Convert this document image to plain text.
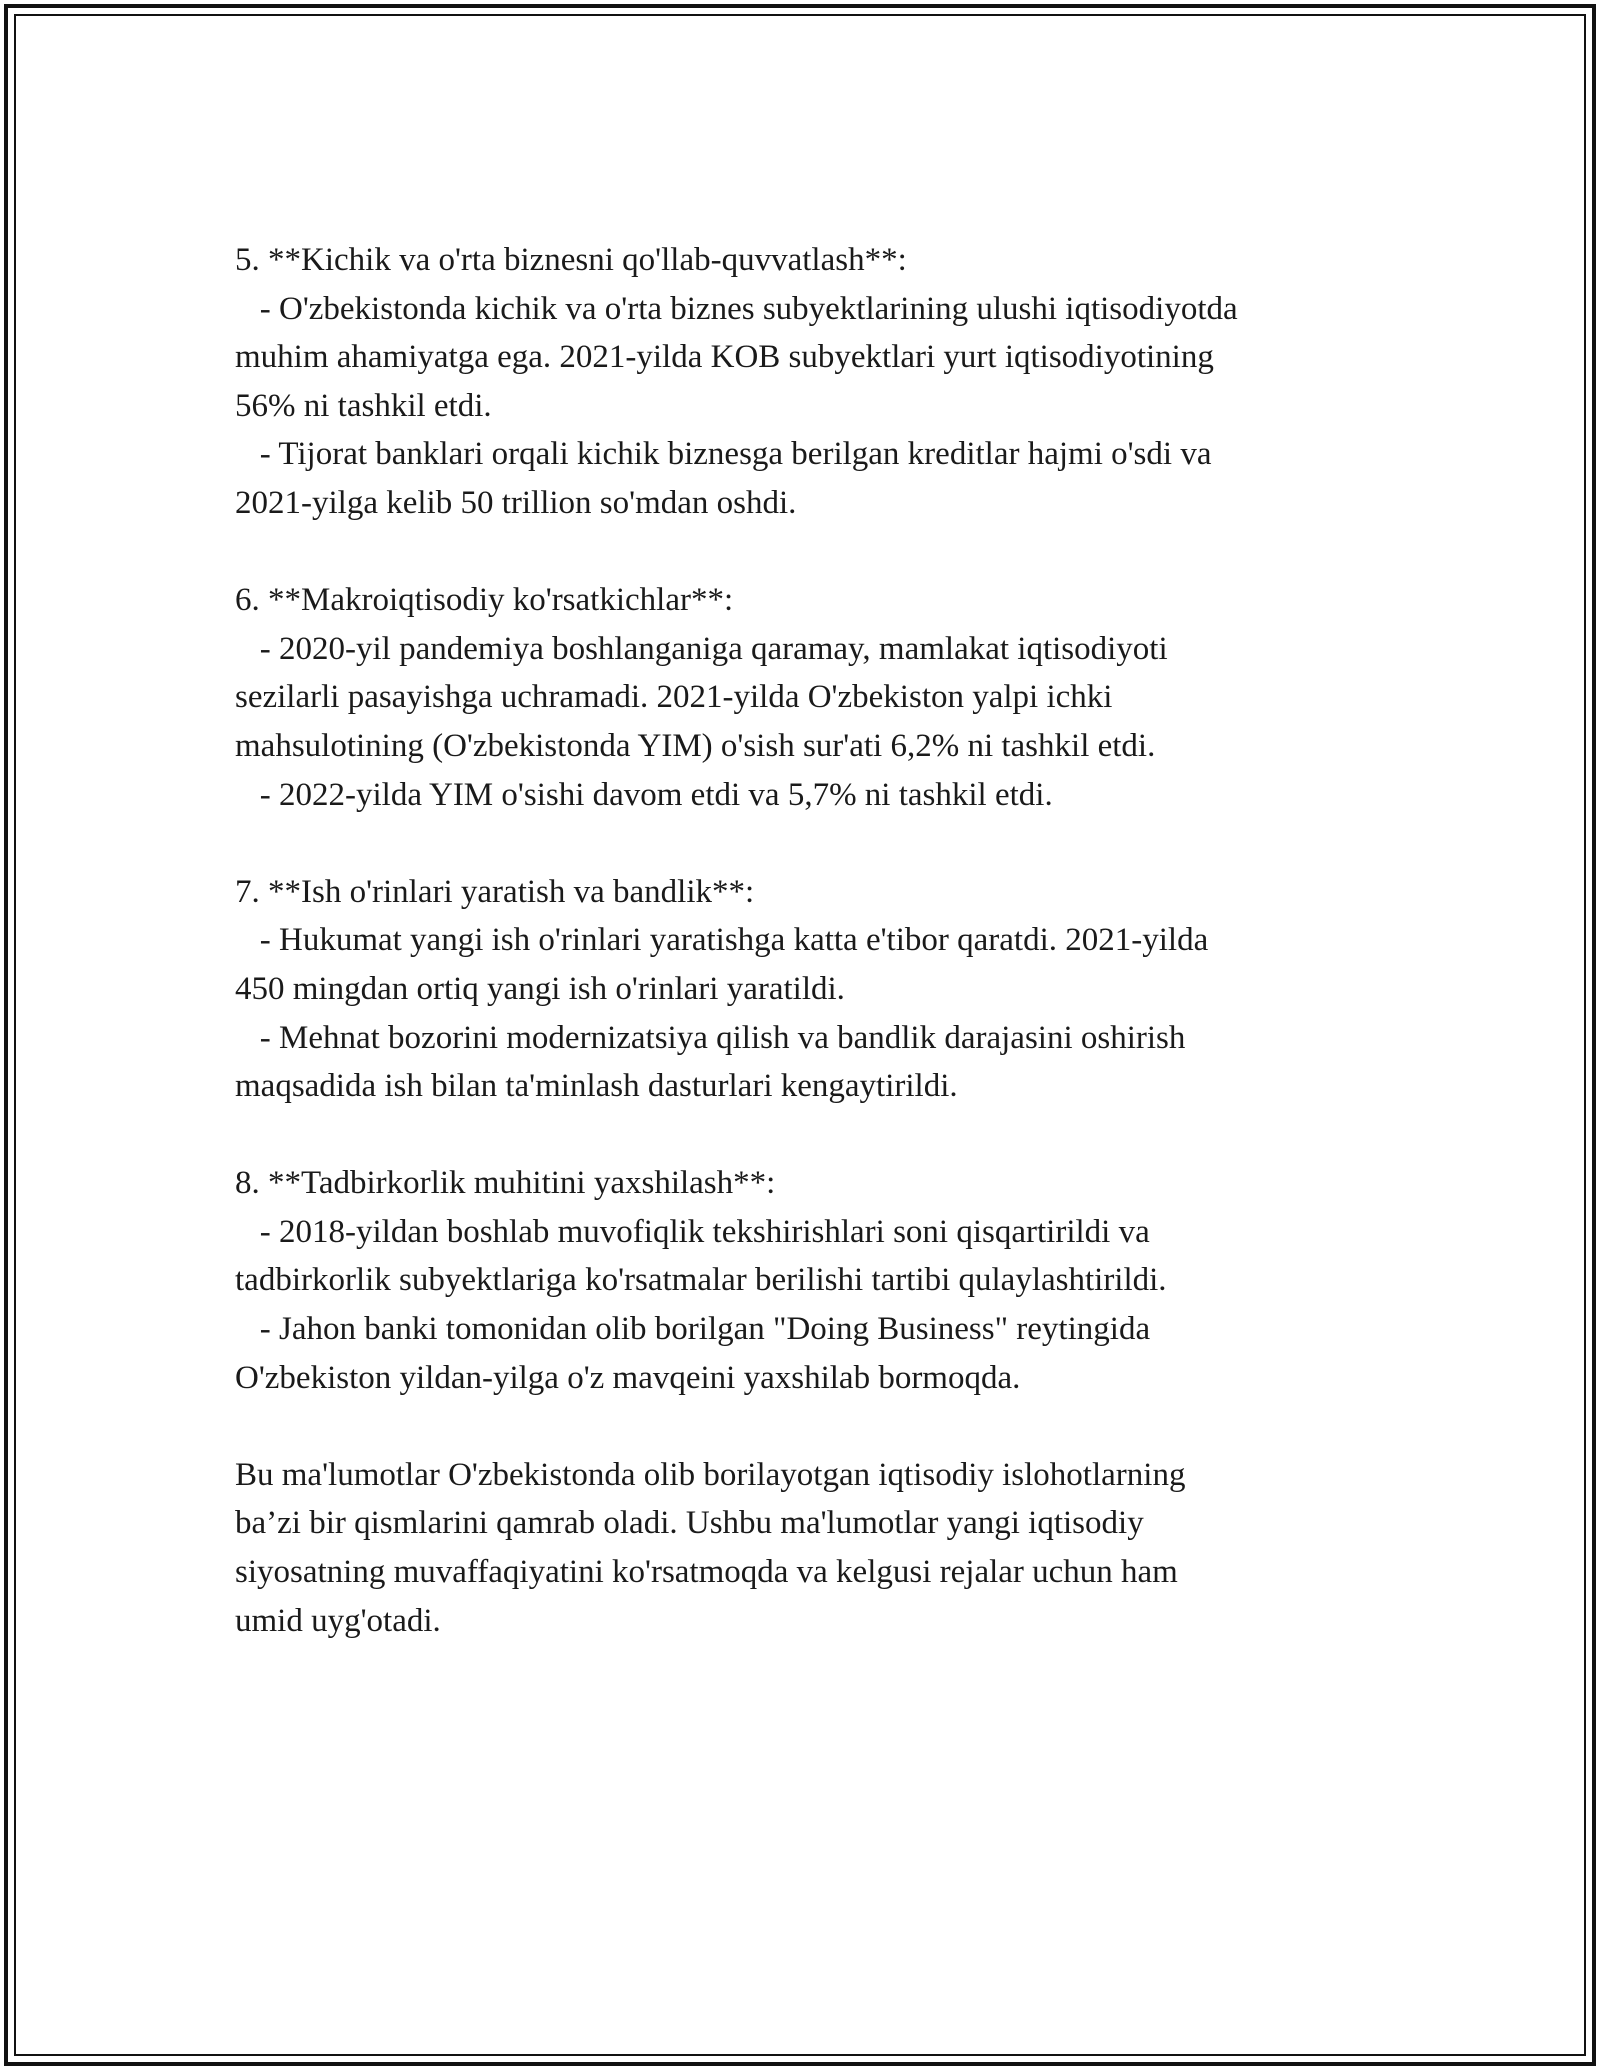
5. **Kichik va o'rta biznesni qo'llab-quvvatlash**:
- O'zbekistonda kichik va o'rta biznes subyektlarining ulushi iqtisodiyotda
muhim ahamiyatga ega. 2021-yilda KOB subyektlari yurt iqtisodiyotining
56% ni tashkil etdi.
- Tijorat banklari orqali kichik biznesga berilgan kreditlar hajmi o'sdi va
2021-yilga kelib 50 trillion so'mdan oshdi.
6. **Makroiqtisodiy ko'rsatkichlar**:
- 2020-yil pandemiya boshlanganiga qaramay, mamlakat iqtisodiyoti
sezilarli pasayishga uchramadi. 2021-yilda O'zbekiston yalpi ichki
mahsulotining (O'zbekistonda YIM) o'sish sur'ati 6,2% ni tashkil etdi.
- 2022-yilda YIM o'sishi davom etdi va 5,7% ni tashkil etdi.
7. **Ish o'rinlari yaratish va bandlik**:
- Hukumat yangi ish o'rinlari yaratishga katta e'tibor qaratdi. 2021-yilda
450 mingdan ortiq yangi ish o'rinlari yaratildi.
- Mehnat bozorini modernizatsiya qilish va bandlik darajasini oshirish
maqsadida ish bilan ta'minlash dasturlari kengaytirildi.
8. **Tadbirkorlik muhitini yaxshilash**:
- 2018-yildan boshlab muvofiqlik tekshirishlari soni qisqartirildi va
tadbirkorlik subyektlariga ko'rsatmalar berilishi tartibi qulaylashtirildi.
- Jahon banki tomonidan olib borilgan "Doing Business" reytingida
O'zbekiston yildan-yilga o'z mavqeini yaxshilab bormoqda.
Bu ma'lumotlar O'zbekistonda olib borilayotgan iqtisodiy islohotlarning
ba’zi bir qismlarini qamrab oladi. Ushbu ma'lumotlar yangi iqtisodiy
siyosatning muvaffaqiyatini ko'rsatmoqda va kelgusi rejalar uchun ham
umid uyg'otadi.
